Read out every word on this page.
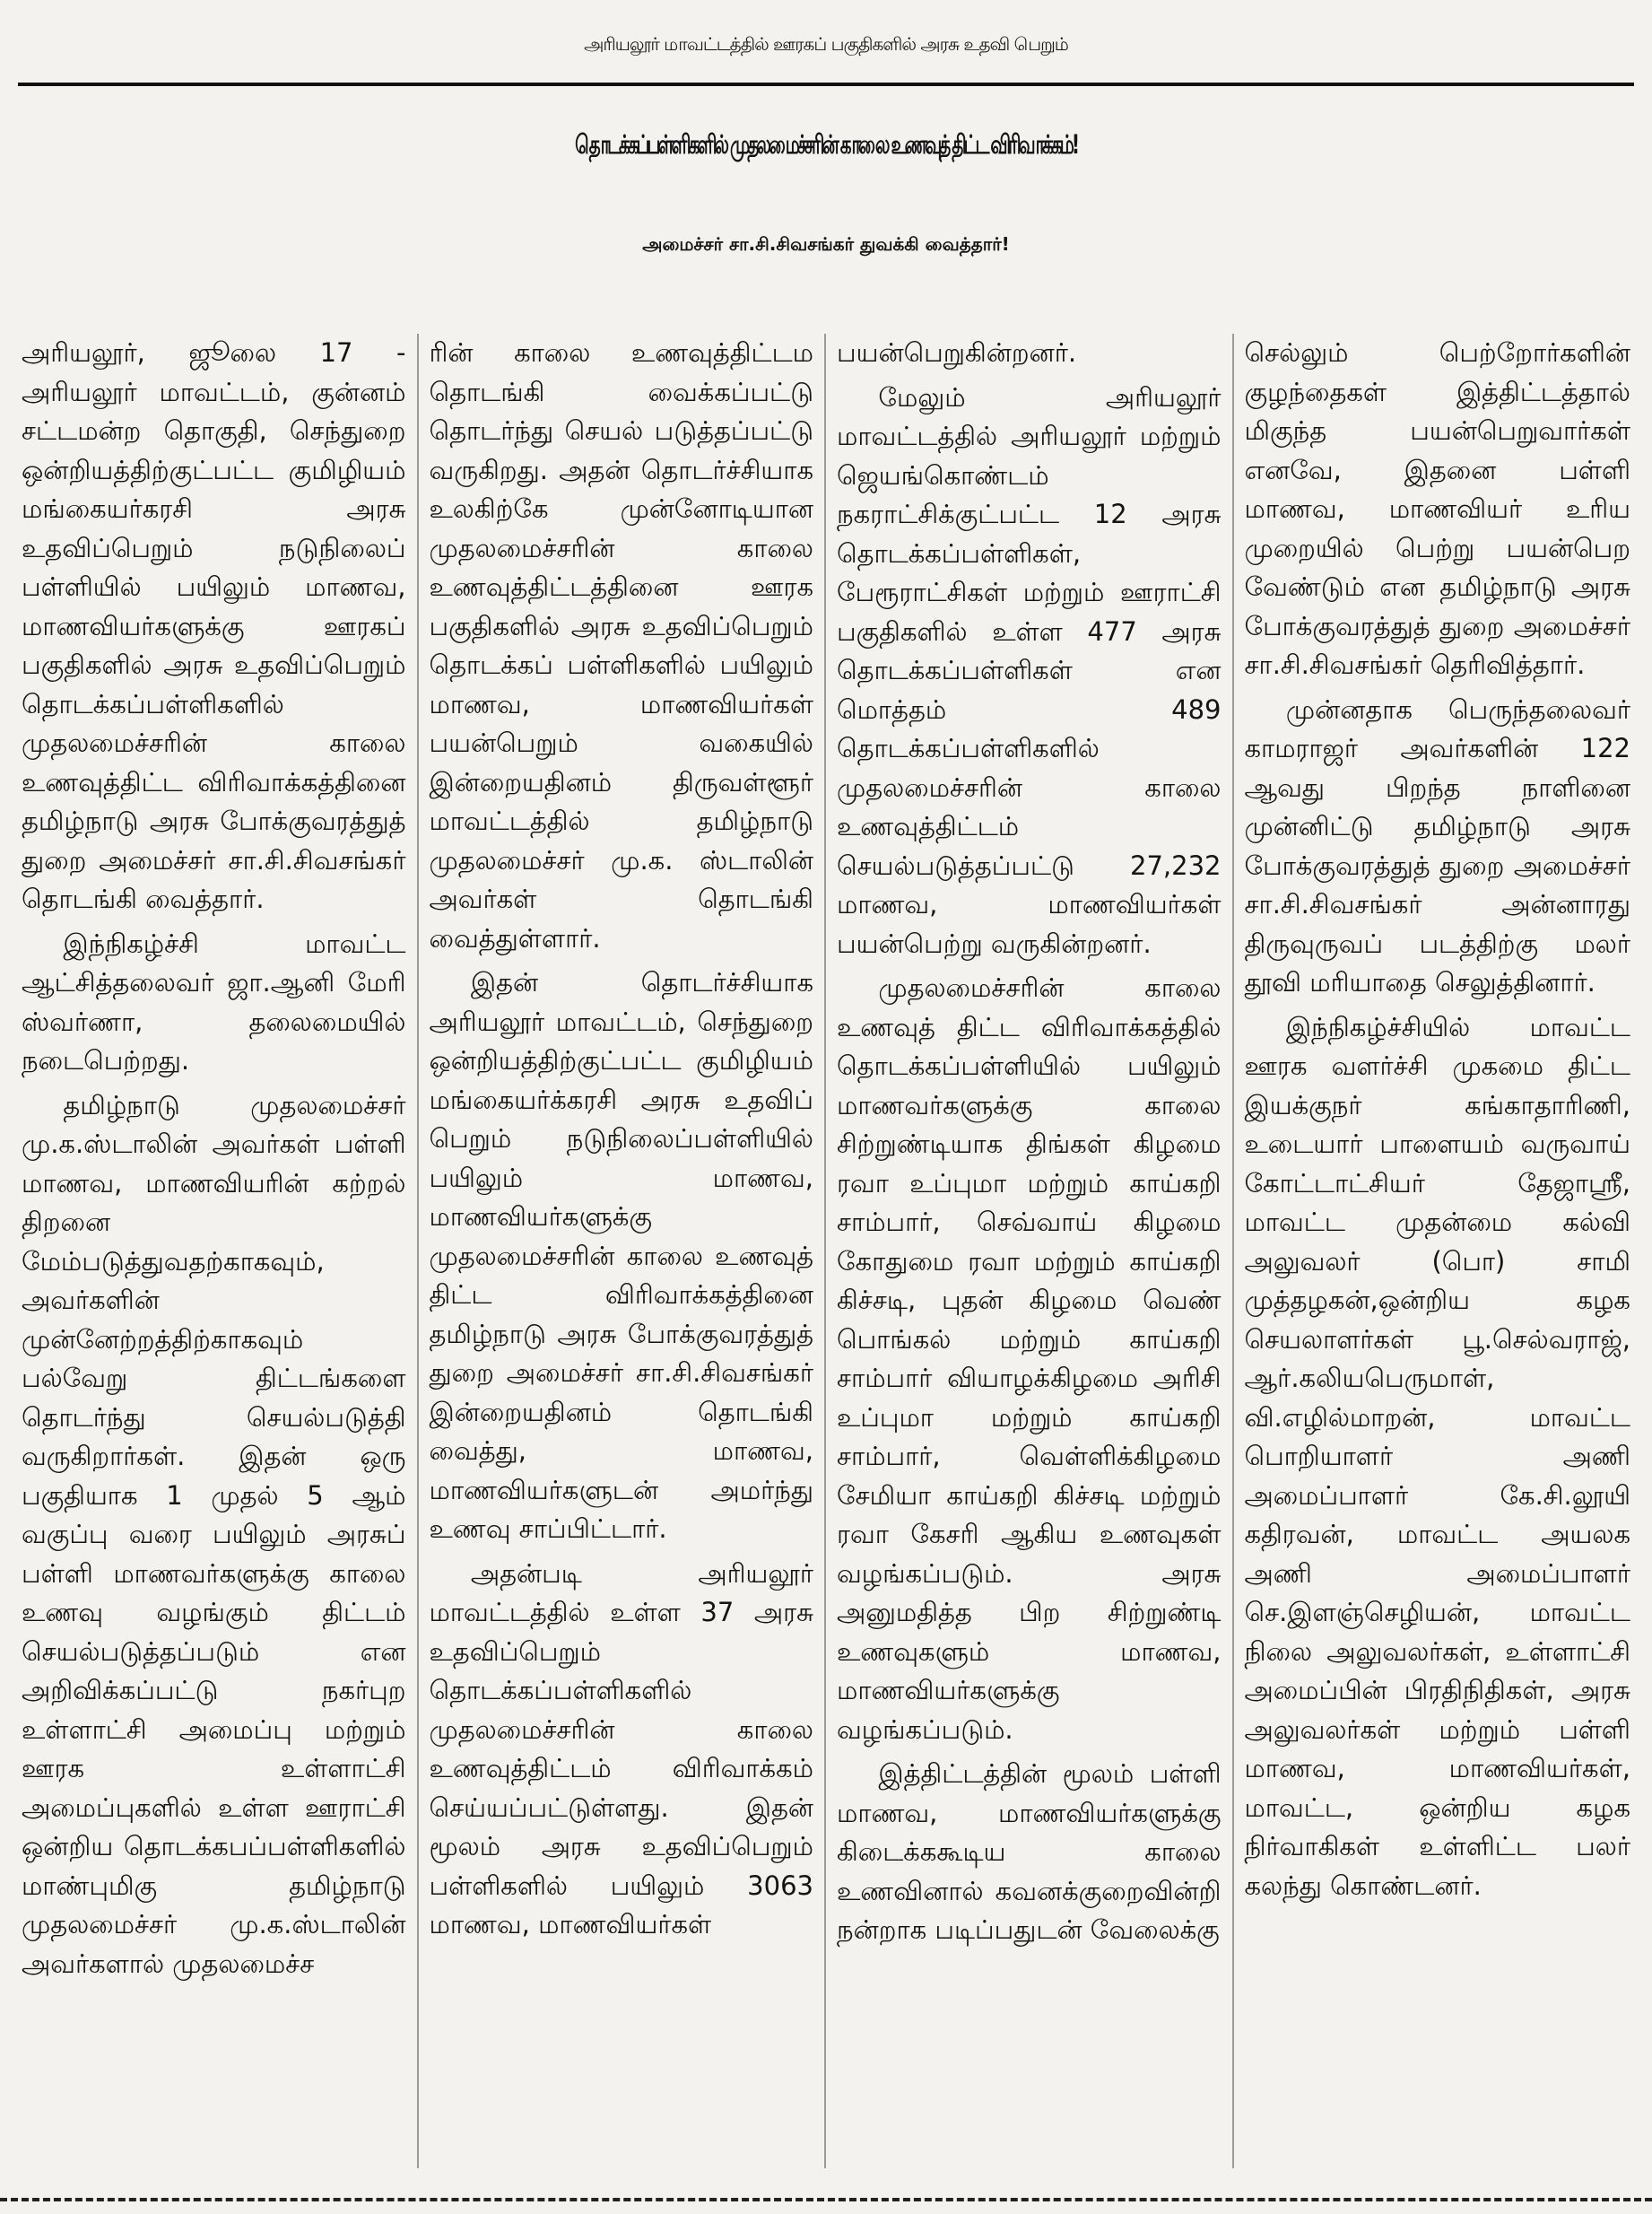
அரியலூர் மாவட்டத்தில் ஊரகப் பகுதிகளில் அரசு உதவி பெறும்
தொடக்கப்பள்ளிகளில் முதலமைச்சரின் காலை உணவுத் திட்ட விரிவாக்கம்!
அமைச்சர் சா.சி.சிவசங்கர் துவக்கி வைத்தார்!

அரியலூர், ஜூலை 17 - அரியலூர் மாவட்டம், குன்னம் சட்டமன்ற தொகுதி, செந்துறை ஒன்றியத்திற்குட்பட்ட குமிழியம் மங்கையர்கரசி அரசு உதவிப்பெறும் நடுநிலைப் பள்ளியில் பயிலும் மாணவ, மாணவியர்களுக்கு ஊரகப் பகுதிகளில் அரசு உதவிப்பெறும் தொடக்கப்பள்ளிகளில் முதலமைச்சரின் காலை உணவுத்திட்ட விரிவாக்கத்தினை தமிழ்நாடு அரசு போக்குவரத்துத் துறை அமைச்சர் சா.சி.சிவசங்கர் தொடங்கி வைத்தார்.

இந்நிகழ்ச்சி மாவட்ட ஆட்சித்தலைவர் ஜா.ஆனி மேரி ஸ்வர்ணா, தலைமையில் நடைபெற்றது.

தமிழ்நாடு முதலமைச்சர் மு.க.ஸ்டாலின் அவர்கள் பள்ளி மாணவ, மாணவியரின் கற்றல் திறனை மேம்படுத்துவதற்காகவும், அவர்களின் முன்னேற்றத்திற்காகவும் பல்வேறு திட்டங்களை தொடர்ந்து செயல்படுத்தி வருகிறார்கள். இதன் ஒரு பகுதியாக 1 முதல் 5 ஆம் வகுப்பு வரை பயிலும் அரசுப் பள்ளி மாணவர்களுக்கு காலை உணவு வழங்கும் திட்டம் செயல்படுத்தப்படும் என அறிவிக்கப்பட்டு நகர்புற உள்ளாட்சி அமைப்பு மற்றும் ஊரக உள்ளாட்சி அமைப்புகளில் உள்ள ஊராட்சி ஒன்றிய தொடக்கபப்பள்ளிகளில் மாண்புமிகு தமிழ்நாடு முதலமைச்சர் மு.க.ஸ்டாலின் அவர்களால் முதலமைச்ச

ரின் காலை உணவுத்திட்டம தொடங்கி வைக்கப்பட்டு தொடர்ந்து செயல் படுத்தப்பட்டு வருகிறது. அதன் தொடர்ச்சியாக உலகிற்கே முன்னோடியான முதலமைச்சரின் காலை உணவுத்திட்டத்தினை ஊரக பகுதிகளில் அரசு உதவிப்பெறும் தொடக்கப் பள்ளிகளில் பயிலும் மாணவ, மாணவியர்கள் பயன்பெறும் வகையில் இன்றையதினம் திருவள்ளூர் மாவட்டத்தில் தமிழ்நாடு முதலமைச்சர் மு.க. ஸ்டாலின் அவர்கள் தொடங்கி வைத்துள்ளார்.

இதன் தொடர்ச்சியாக அரியலூர் மாவட்டம், செந்துறை ஒன்றியத்திற்குட்பட்ட குமிழியம் மங்கையர்க்கரசி அரசு உதவிப் பெறும் நடுநிலைப்பள்ளியில் பயிலும் மாணவ, மாணவியர்களுக்கு முதலமைச்சரின் காலை உணவுத் திட்ட விரிவாக்கத்தினை தமிழ்நாடு அரசு போக்குவரத்துத் துறை அமைச்சர் சா.சி.சிவசங்கர் இன்றையதினம் தொடங்கி வைத்து, மாணவ, மாணவியர்களுடன் அமர்ந்து உணவு சாப்பிட்டார்.

அதன்படி அரியலூர் மாவட்டத்தில் உள்ள 37 அரசு உதவிப்பெறும் தொடக்கப்பள்ளிகளில் முதலமைச்சரின் காலை உணவுத்திட்டம் விரிவாக்கம் செய்யப்பட்டுள்ளது. இதன் மூலம் அரசு உதவிப்பெறும் பள்ளிகளில் பயிலும் 3063 மாணவ, மாணவியர்கள்

பயன்பெறுகின்றனர்.

மேலும் அரியலூர் மாவட்டத்தில் அரியலூர் மற்றும் ஜெயங்கொண்டம் நகராட்சிக்குட்பட்ட 12 அரசு தொடக்கப்பள்ளிகள், பேரூராட்சிகள் மற்றும் ஊராட்சி பகுதிகளில் உள்ள 477 அரசு தொடக்கப்பள்ளிகள் என மொத்தம் 489 தொடக்கப்பள்ளிகளில் முதலமைச்சரின் காலை உணவுத்திட்டம் செயல்படுத்தப்பட்டு 27,232 மாணவ, மாணவியர்கள் பயன்பெற்று வருகின்றனர்.

முதலமைச்சரின் காலை உணவுத் திட்ட விரிவாக்கத்தில் தொடக்கப்பள்ளியில் பயிலும் மாணவர்களுக்கு காலை சிற்றுண்டியாக திங்கள் கிழமை ரவா உப்புமா மற்றும் காய்கறி சாம்பார், செவ்வாய் கிழமை கோதுமை ரவா மற்றும் காய்கறி கிச்சடி, புதன் கிழமை வெண் பொங்கல் மற்றும் காய்கறி சாம்பார் வியாழக்கிழமை அரிசி உப்புமா மற்றும் காய்கறி சாம்பார், வெள்ளிக்கிழமை சேமியா காய்கறி கிச்சடி மற்றும் ரவா கேசரி ஆகிய உணவுகள் வழங்கப்படும். அரசு அனுமதித்த பிற சிற்றுண்டி உணவுகளும் மாணவ, மாணவியர்களுக்கு வழங்கப்படும்.

இத்திட்டத்தின் மூலம் பள்ளி மாணவ, மாணவியர்களுக்கு கிடைக்ககூடிய காலை உணவினால் கவனக்குறைவின்றி நன்றாக படிப்பதுடன் வேலைக்கு

செல்லும் பெற்றோர்களின் குழந்தைகள் இத்திட்டத்தால் மிகுந்த பயன்பெறுவார்கள் எனவே, இதனை பள்ளி மாணவ, மாணவியர் உரிய முறையில் பெற்று பயன்பெற வேண்டும் என தமிழ்நாடு அரசு போக்குவரத்துத் துறை அமைச்சர் சா.சி.சிவசங்கர் தெரிவித்தார்.

முன்னதாக பெருந்தலைவர் காமராஜர் அவர்களின் 122 ஆவது பிறந்த நாளினை முன்னிட்டு தமிழ்நாடு அரசு போக்குவரத்துத் துறை அமைச்சர் சா.சி.சிவசங்கர் அன்னாரது திருவுருவப் படத்திற்கு மலர் தூவி மரியாதை செலுத்தினார்.

இந்நிகழ்ச்சியில் மாவட்ட ஊரக வளர்ச்சி முகமை திட்ட இயக்குநர் கங்காதாரிணி, உடையார் பாளையம் வருவாய் கோட்டாட்சியர் தேஜாஸ்ரீ, மாவட்ட முதன்மை கல்வி அலுவலர் (பொ) சாமி முத்தழகன்,ஒன்றிய கழக செயலாளர்கள் பூ.செல்வராஜ், ஆர்.கலியபெருமாள், வி.எழில்மாறன், மாவட்ட பொறியாளர் அணி அமைப்பாளர் கே.சி.லூயி கதிரவன், மாவட்ட அயலக அணி அமைப்பாளர் செ.இளஞ்செழியன், மாவட்ட நிலை அலுவலர்கள், உள்ளாட்சி அமைப்பின் பிரதிநிதிகள், அரசு அலுவலர்கள் மற்றும் பள்ளி மாணவ, மாணவியர்கள், மாவட்ட, ஒன்றிய கழக நிர்வாகிகள் உள்ளிட்ட பலர் கலந்து கொண்டனர்.
